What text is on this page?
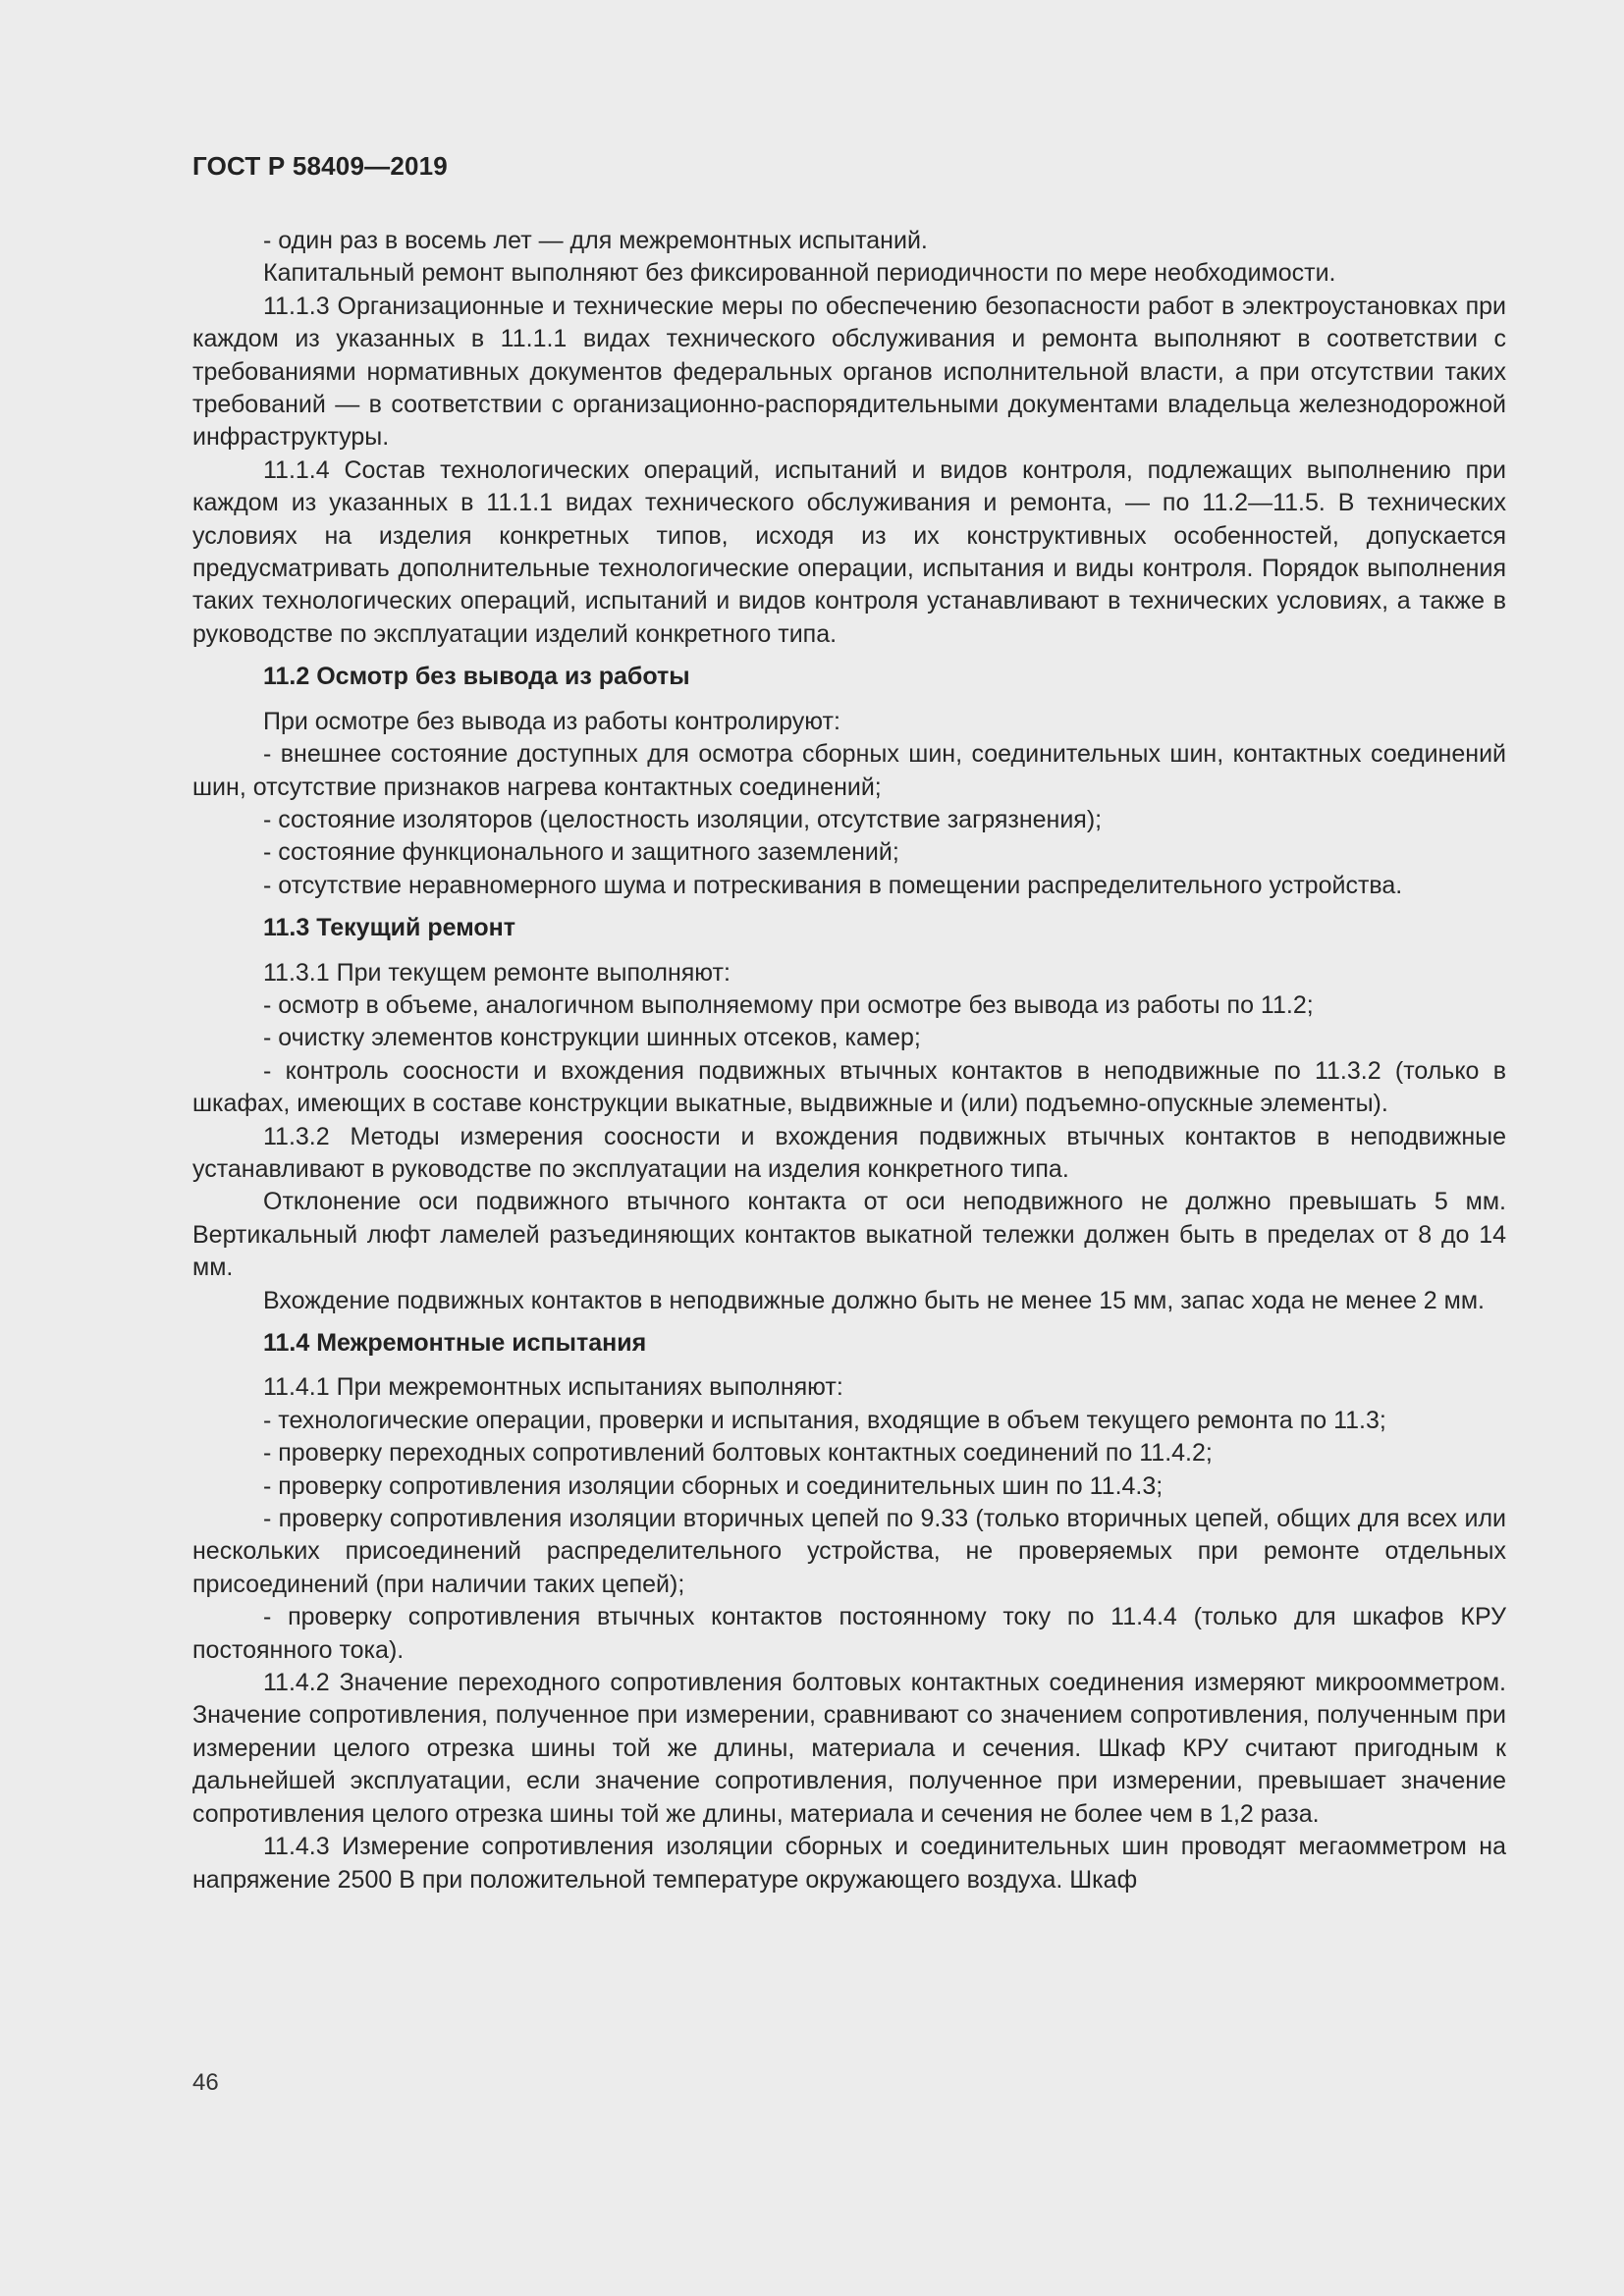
ГОСТ Р 58409—2019

- один раз в восемь лет — для межремонтных испытаний.

Капитальный ремонт выполняют без фиксированной периодичности по мере необходимости.

11.1.3 Организационные и технические меры по обеспечению безопасности работ в электроустановках при каждом из указанных в 11.1.1 видах технического обслуживания и ремонта выполняют в соответствии с требованиями нормативных документов федеральных органов исполнительной власти, а при отсутствии таких требований — в соответствии с организационно-распорядительными документами владельца железнодорожной инфраструктуры.

11.1.4 Состав технологических операций, испытаний и видов контроля, подлежащих выполнению при каждом из указанных в 11.1.1 видах технического обслуживания и ремонта, — по 11.2—11.5. В технических условиях на изделия конкретных типов, исходя из их конструктивных особенностей, допускается предусматривать дополнительные технологические операции, испытания и виды контроля. Порядок выполнения таких технологических операций, испытаний и видов контроля устанавливают в технических условиях, а также в руководстве по эксплуатации изделий конкретного типа.

11.2 Осмотр без вывода из работы

При осмотре без вывода из работы контролируют:

- внешнее состояние доступных для осмотра сборных шин, соединительных шин, контактных соединений шин, отсутствие признаков нагрева контактных соединений;

- состояние изоляторов (целостность изоляции, отсутствие загрязнения);

- состояние функционального и защитного заземлений;

- отсутствие неравномерного шума и потрескивания в помещении распределительного устройства.

11.3 Текущий ремонт

11.3.1 При текущем ремонте выполняют:

- осмотр в объеме, аналогичном выполняемому при осмотре без вывода из работы по 11.2;

- очистку элементов конструкции шинных отсеков, камер;

- контроль соосности и вхождения подвижных втычных контактов в неподвижные по 11.3.2 (только в шкафах, имеющих в составе конструкции выкатные, выдвижные и (или) подъемно-опускные элементы).

11.3.2 Методы измерения соосности и вхождения подвижных втычных контактов в неподвижные устанавливают в руководстве по эксплуатации на изделия конкретного типа.

Отклонение оси подвижного втычного контакта от оси неподвижного не должно превышать 5 мм. Вертикальный люфт ламелей разъединяющих контактов выкатной тележки должен быть в пределах от 8 до 14 мм.

Вхождение подвижных контактов в неподвижные должно быть не менее 15 мм, запас хода не менее 2 мм.

11.4 Межремонтные испытания

11.4.1 При межремонтных испытаниях выполняют:

- технологические операции, проверки и испытания, входящие в объем текущего ремонта по 11.3;

- проверку переходных сопротивлений болтовых контактных соединений по 11.4.2;

- проверку сопротивления изоляции сборных и соединительных шин по 11.4.3;

- проверку сопротивления изоляции вторичных цепей по 9.33 (только вторичных цепей, общих для всех или нескольких присоединений распределительного устройства, не проверяемых при ремонте отдельных присоединений (при наличии таких цепей);

- проверку сопротивления втычных контактов постоянному току по 11.4.4 (только для шкафов КРУ постоянного тока).

11.4.2 Значение переходного сопротивления болтовых контактных соединения измеряют микроомметром. Значение сопротивления, полученное при измерении, сравнивают со значением сопротивления, полученным при измерении целого отрезка шины той же длины, материала и сечения. Шкаф КРУ считают пригодным к дальнейшей эксплуатации, если значение сопротивления, полученное при измерении, превышает значение сопротивления целого отрезка шины той же длины, материала и сечения не более чем в 1,2 раза.

11.4.3 Измерение сопротивления изоляции сборных и соединительных шин проводят мегаомметром на напряжение 2500 В при положительной температуре окружающего воздуха. Шкаф

46
